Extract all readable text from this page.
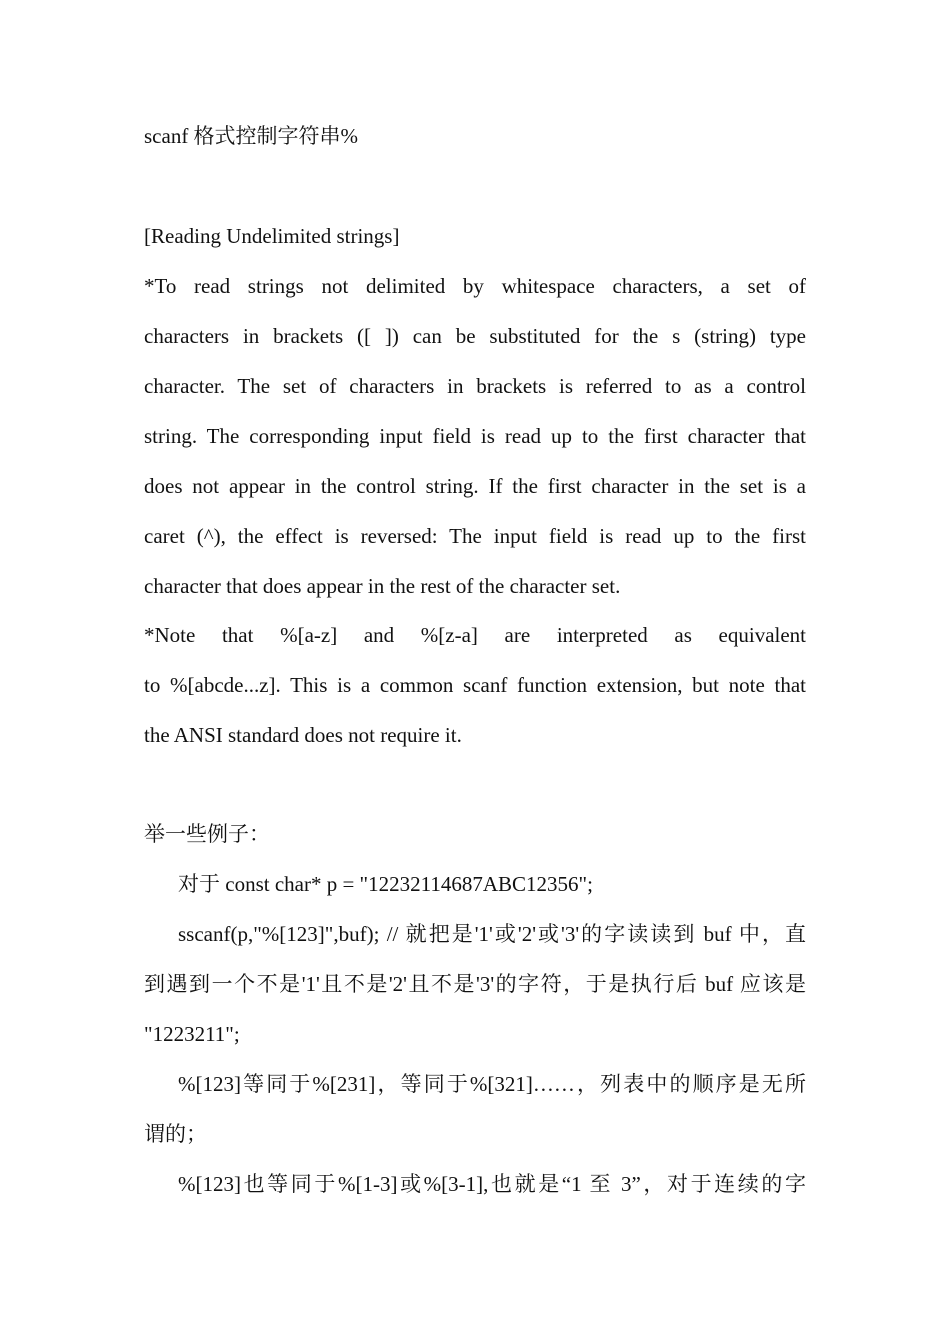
scanf 格式控制字符串%
[Reading Undelimited strings]
*To read strings not delimited by whitespace characters, a set of
characters in brackets ([ ]) can be substituted for the s (string) type
character. The set of characters in brackets is referred to as a control
string. The corresponding input field is read up to the first character that
does not appear in the control string. If the first character in the set is a
caret (^), the effect is reversed: The input field is read up to the first
character that does appear in the rest of the character set.
*Note that %[a-z] and %[z-a] are interpreted as equivalent
to %[abcde...z]. This is a common scanf function extension, but note that
the ANSI standard does not require it.
举一些例子：
对于 const char* p = "12232114687ABC12356";
sscanf(p,"%[123]",buf); // 就把是'1'或'2'或'3'的字读读到 buf 中，直
到遇到一个不是'1'且不是'2'且不是'3'的字符，于是执行后 buf 应该是
"1223211";
%[123]等同于%[231]，等同于%[321]……，列表中的顺序是无所
谓的；
%[123]也等同于%[1-3]或%[3-1],也就是“1 至 3”，对于连续的字
